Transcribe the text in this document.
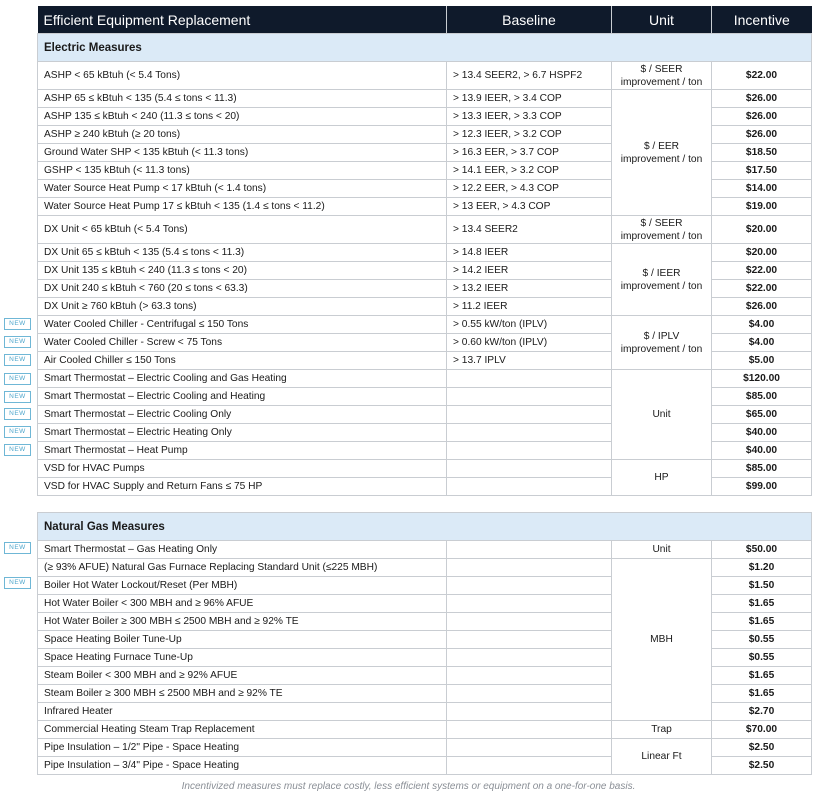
Efficient Equipment Replacement	Baseline	Unit	Incentive
Electric Measures			
ASHP < 65 kBtuh (< 5.4 Tons)	> 13.4 SEER2, > 6.7 HSPF2	$ / SEER improvement / ton	$22.00
ASHP 65 ≤ kBtuh < 135 (5.4 ≤ tons < 11.3)	> 13.9 IEER, > 3.4 COP	$ / EER improvement / ton	$26.00
ASHP 135 ≤ kBtuh < 240 (11.3 ≤ tons < 20)	> 13.3 IEER, > 3.3 COP		$26.00
ASHP ≥ 240 kBtuh (≥ 20 tons)	> 12.3 IEER, > 3.2 COP		$26.00
Ground Water SHP < 135 kBtuh (< 11.3 tons)	> 16.3 EER, > 3.7 COP		$18.50
GSHP < 135 kBtuh (< 11.3 tons)	> 14.1 EER, > 3.2 COP		$17.50
Water Source Heat Pump < 17 kBtuh (< 1.4 tons)	> 12.2 EER, > 4.3 COP		$14.00
Water Source Heat Pump 17 ≤ kBtuh < 135 (1.4 ≤ tons < 11.2)	> 13 EER, > 4.3 COP		$19.00
DX Unit < 65 kBtuh (< 5.4 Tons)	> 13.4 SEER2	$ / SEER improvement / ton	$20.00
DX Unit 65 ≤ kBtuh < 135 (5.4 ≤ tons < 11.3)	> 14.8 IEER	$ / IEER improvement / ton	$20.00
DX Unit 135 ≤ kBtuh < 240 (11.3 ≤ tons < 20)	> 14.2 IEER		$22.00
DX Unit 240 ≤ kBtuh < 760 (20 ≤ tons < 63.3)	> 13.2 IEER		$22.00
DX Unit ≥ 760 kBtuh (> 63.3 tons)	> 11.2 IEER		$26.00
Water Cooled Chiller - Centrifugal ≤ 150 Tons	> 0.55 kW/ton (IPLV)	$ / IPLV improvement / ton	$4.00
Water Cooled Chiller - Screw < 75 Tons	> 0.60 kW/ton (IPLV)		$4.00
Air Cooled Chiller ≤ 150 Tons	> 13.7 IPLV		$5.00
Smart Thermostat – Electric Cooling and Gas Heating		Unit	$120.00
Smart Thermostat – Electric Cooling and Heating			$85.00
Smart Thermostat – Electric Cooling Only			$65.00
Smart Thermostat – Electric Heating Only			$40.00
Smart Thermostat – Heat Pump			$40.00
VSD for HVAC Pumps		HP	$85.00
VSD for HVAC Supply and Return Fans ≤ 75 HP			$99.00
Natural Gas Measures			
Smart Thermostat – Gas Heating Only		Unit	$50.00
(≥ 93% AFUE) Natural Gas Furnace Replacing Standard Unit (≤225 MBH)		MBH	$1.20
Boiler Hot Water Lockout/Reset (Per MBH)			$1.50
Hot Water Boiler < 300 MBH and ≥ 96% AFUE			$1.65
Hot Water Boiler ≥ 300 MBH ≤ 2500 MBH and ≥ 92% TE			$1.65
Space Heating Boiler Tune-Up			$0.55
Space Heating Furnace Tune-Up			$0.55
Steam Boiler < 300 MBH and ≥ 92% AFUE			$1.65
Steam Boiler ≥ 300 MBH ≤ 2500 MBH and ≥ 92% TE			$1.65
Infrared Heater			$2.70
Commercial Heating Steam Trap Replacement		Trap	$70.00
Pipe Insulation – 1/2" Pipe - Space Heating		Linear Ft	$2.50
Pipe Insulation – 3/4" Pipe - Space Heating			$2.50
NEW
NEW
NEW
NEW
NEW
NEW
NEW
NEW
NEW
NEW
Incentivized measures must replace costly, less efficient systems or equipment on a one-for-one basis.
